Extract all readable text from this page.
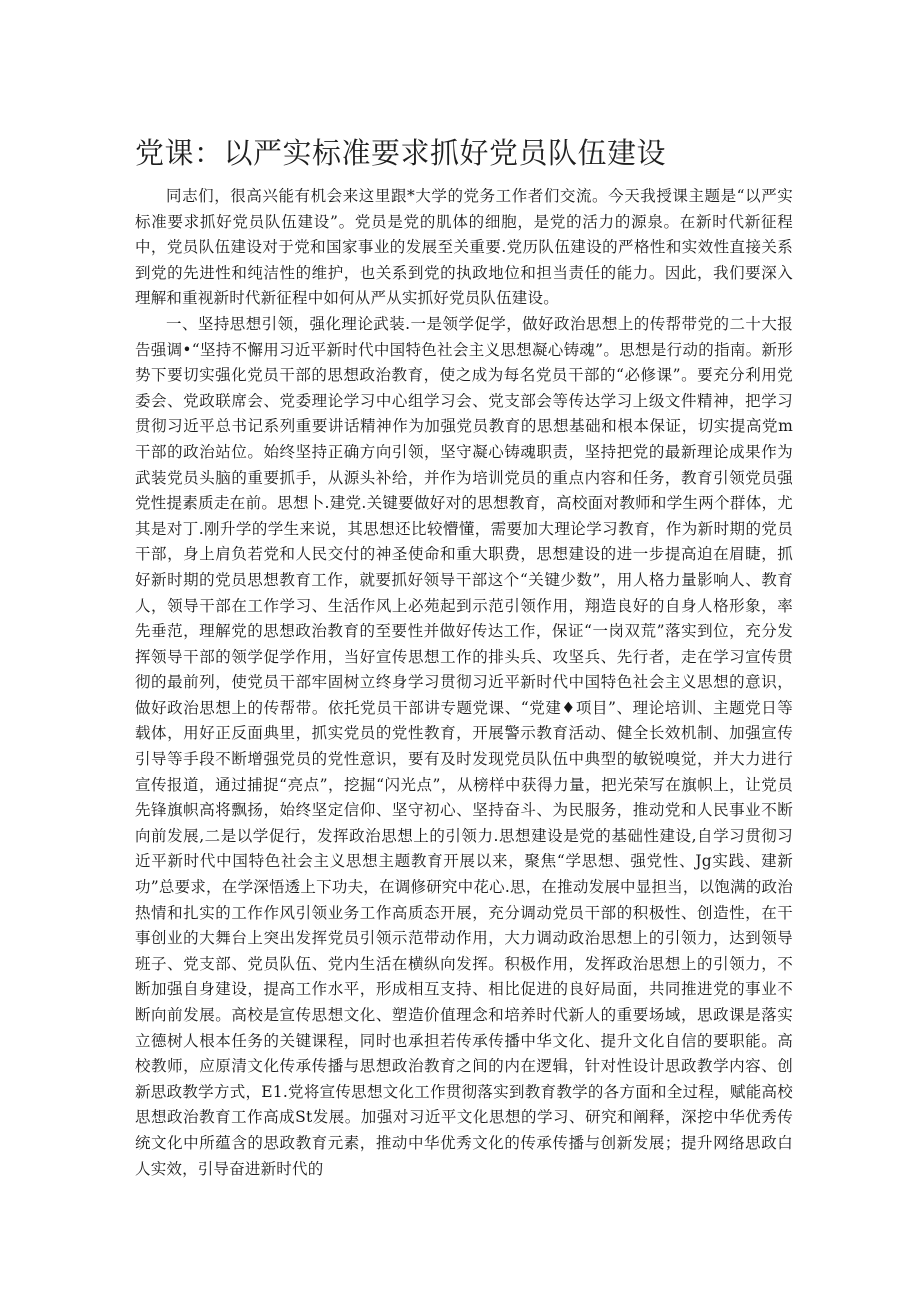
党课：以严实标准要求抓好党员队伍建设

同志们，很高兴能有机会来这里跟*大学的党务工作者们交流。今天我授课主题是“以严实标准要求抓好党员队伍建设”。党员是党的肌体的细胞，是党的活力的源泉。在新时代新征程中，党员队伍建设对于党和国家事业的发展至关重要.党历队伍建设的严格性和实效性直接关系到党的先进性和纯洁性的维护，也关系到党的执政地位和担当责任的能力。因此，我们要深入理解和重视新时代新征程中如何从严从实抓好党员队伍建设。

一、坚持思想引领，强化理论武装.一是领学促学，做好政治思想上的传帮带党的二十大报告强调•“坚持不懈用习近平新时代中国特色社会主义思想凝心铸魂”。思想是行动的指南。新形势下要切实强化党员干部的思想政治教育，使之成为每名党员干部的“必修课”。要充分利用党委会、党政联席会、党委理论学习中心组学习会、党支部会等传达学习上级文件精神，把学习贯彻习近平总书记系列重要讲话精神作为加强党员教育的思想基础和根本保证，切实提高党m干部的政治站位。始终坚持正确方向引领，坚守凝心铸魂职责，坚持把党的最新理论成果作为武装党员头脑的重要抓手，从源头补给，并作为培训党员的重点内容和任务，教育引领党员强党性提素质走在前。思想卜.建党.关键要做好对的思想教育，高校面对教师和学生两个群体，尤其是对丁.刚升学的学生来说，其思想还比较懵懂，需要加大理论学习教育，作为新时期的党员干部，身上肩负若党和人民交付的神圣使命和重大职费，思想建设的进一步提高迫在眉睫，抓好新时期的党员思想教育工作，就要抓好领导干部这个“关键少数”，用人格力量影响人、教育人，领导干部在工作学习、生活作风上必苑起到示范引领作用，翔造良好的自身人格形象，率先垂范，理解党的思想政治教育的至要性并做好传达工作，保证“一岗双荒”落实到位，充分发挥领导干部的领学促学作用，当好宣传思想工作的排头兵、攻坚兵、先行者，走在学习宣传贯彻的最前列，使党员干部牢固树立终身学习贯彻习近平新时代中国特色社会主义思想的意识，做好政治思想上的传帮带。依托党员干部讲专题党课、“党建♦项目”、理论培训、主题党日等载体，用好正反面典里，抓实党员的党性教育，开展警示教育活动、健全长效机制、加强宣传引导等手段不断增强党员的党性意识，要有及时发现党员队伍中典型的敏锐嗅觉，并大力进行宣传报道，通过捕捉“亮点”，挖掘“闪光点”，从榜样中获得力量，把光荣写在旗帜上，让党员先锋旗帜高将飘扬，始终坚定信仰、坚守初心、坚持奋斗、为民服务，推动党和人民事业不断向前发展,二是以学促行，发挥政治思想上的引领力.思想建设是党的基础性建设,自学习贯彻习近平新时代中国特色社会主义思想主题教育开展以来，聚焦“学思想、强党性、Jg实践、建新功”总要求，在学深悟透上下功夫，在调修研究中花心.思，在推动发展中显担当，以饱满的政治热情和扎实的工作作风引领业务工作高质态开展，充分调动党员干部的积极性、创造性，在干事创业的大舞台上突出发挥党员引领示范带动作用，大力调动政治思想上的引领力，达到领导班子、党支部、党员队伍、党内生活在横纵向发挥。积极作用，发挥政治思想上的引领力，不断加强自身建设，提高工作水平，形成相互支持、相比促进的良好局面，共同推进党的事业不断向前发展。高校是宣传思想文化、塑造价值理念和培养时代新人的重要场域，思政课是落实立德树人根本任务的关键课程，同时也承担若传承传播中华文化、提升文化自信的要职能。高校教师，应原清文化传承传播与思想政治教育之间的内在逻辑，针对性设计思政教学内容、创新思政教学方式，E1.党将宣传思想文化工作贯彻落实到教育教学的各方面和全过程，赋能高校思想政治教育工作高成St发展。加强对习近平文化思想的学习、研究和阐释，深挖中华优秀传统文化中所蕴含的思政教育元素，推动中华优秀文化的传承传播与创新发展；提升网络思政白人实效，引导奋进新时代的
